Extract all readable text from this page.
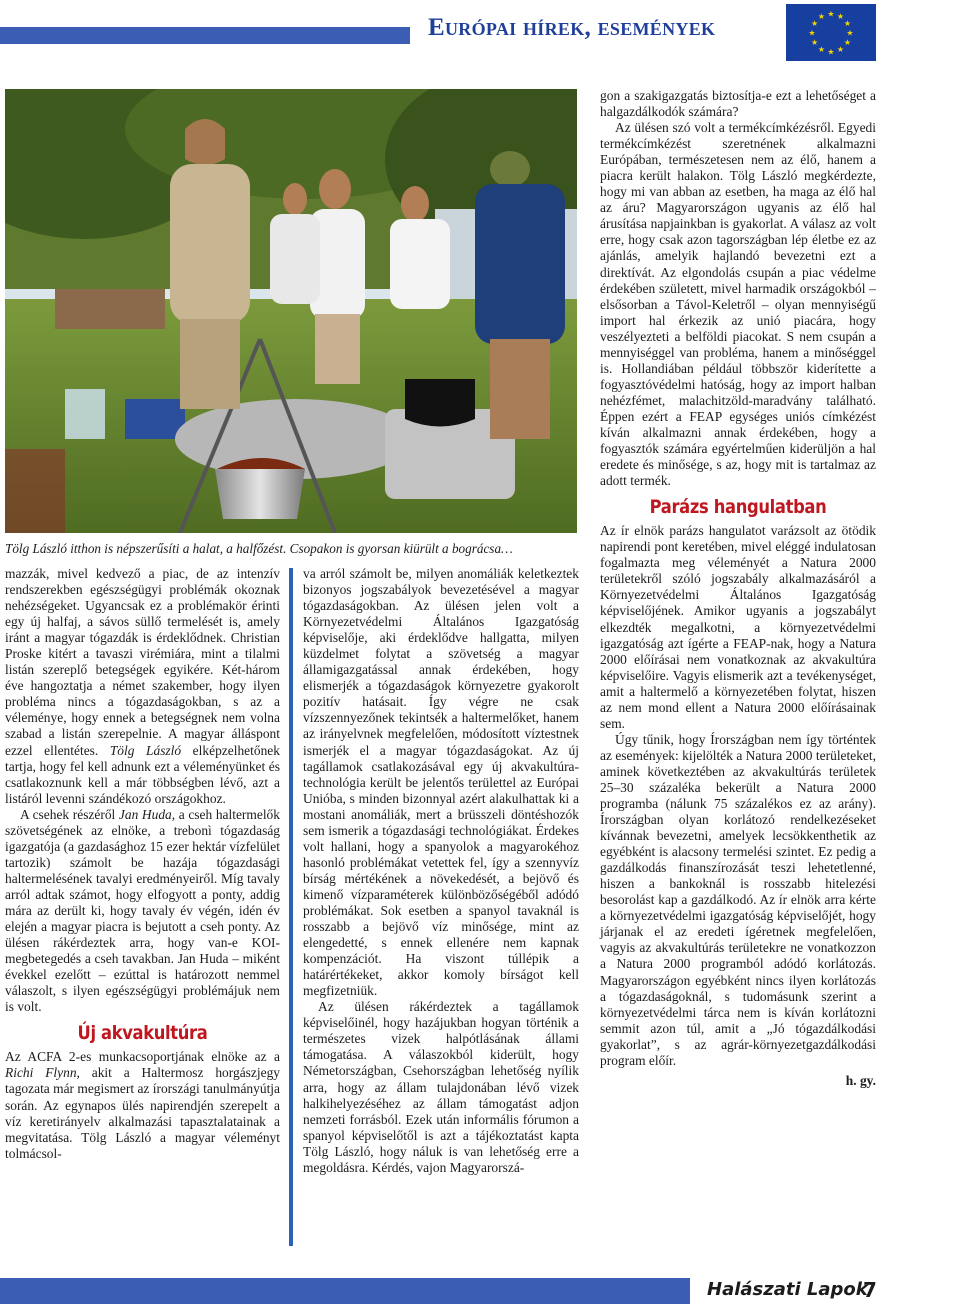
Európai hírek, események	★ ★
★
★
★
★
★
★
★
★
★
★
Tölg László itthon is népszerűsíti a halat, a halfőzést. Csopakon is gyorsan kiürült a bográcsa…

mazzák, mivel kedvező a piac, de az intenzív rendszerekben egészségügyi problémák okoznak nehézségeket. Ugyancsak ez a problémakör érinti egy új halfaj, a sávos süllő termelését is, amely iránt a magyar tógazdák is érdeklődnek. Christian Proske kitért a tavaszi virémiára, mint a tilalmi listán szereplő betegségek egyikére. Két-három éve hangoztatja a német szakember, hogy ilyen probléma nincs a tógazdaságokban, s az a véleménye, hogy ennek a betegségnek nem volna szabad a listán szerepelnie. A magyar álláspont ezzel ellentétes. Tölg László elképzelhetőnek tartja, hogy fel kell adnunk ezt a véleményünket és csatlakoznunk kell a már többségben lévő, azt a listáról levenni szándékozó országokhoz.

A csehek részéről Jan Huda, a cseh haltermelők szövetségének az elnöke, a trebonì tógazdaság igazgatója (a gazdasághoz 15 ezer hektár vízfelület tartozik) számolt be hazája tógazdasági haltermelésének tavalyi eredményeiről. Míg tavaly arról adtak számot, hogy elfogyott a ponty, addig mára az derült ki, hogy tavaly év végén, idén év elején a magyar piacra is bejutott a cseh ponty. Az ülésen rákérdeztek arra, hogy van-e KOI-megbetegedés a cseh tavakban. Jan Huda – miként évekkel ezelőtt – ezúttal is határozott nemmel válaszolt, s ilyen egészségügyi problémájuk nem is volt.

Új akvakultúra

Az ACFA 2-es munkacsoportjának elnöke az a Richi Flynn, akit a Haltermosz horgászjegy tagozata már megismert az írországi tanulmányútja során. Az egynapos ülés napirendjén szerepelt a víz keretirányelv alkalmazási tapasztalatainak a megvitatása. Tölg László a magyar véleményt tolmácsol-

va arról számolt be, milyen anomáliák keletkeztek bizonyos jogszabályok bevezetésével a magyar tógazdaságokban. Az ülésen jelen volt a Környezetvédelmi Általános Igazgatóság képviselője, aki érdeklődve hallgatta, milyen küzdelmet folytat a szövetség a magyar államigazgatással annak érdekében, hogy elismerjék a tógazdaságok környezetre gyakorolt pozitív hatásait. Így végre ne csak vízszennyezőnek tekintsék a haltermelőket, hanem az irányelvnek megfelelően, módosított víztestnek ismerjék el a magyar tógazdaságokat. Az új tagállamok csatlakozásával egy új akvakultúra-technológia került be jelentős területtel az Európai Unióba, s minden bizonnyal azért alakulhattak ki a mostani anomáliák, mert a brüsszeli döntéshozók sem ismerik a tógazdasági technológiákat. Érdekes volt hallani, hogy a spanyolok a magyarokéhoz hasonló problémákat vetettek fel, így a szennyvíz bírság mértékének a növekedését, a bejövő és kimenő vízparaméterek különbözőségéből adódó problémákat. Sok esetben a spanyol tavaknál is rosszabb a bejövő víz minősége, mint az elengedetté, s ennek ellenére nem kapnak kompenzációt. Ha viszont túllépik a határértékeket, akkor komoly bírságot kell megfizetniük.

Az ülésen rákérdeztek a tagállamok képviselőinél, hogy hazájukban hogyan történik a természetes vizek halpótlásának állami támogatása. A válaszokból kiderült, hogy Németországban, Csehországban lehetőség nyílik arra, hogy az állam tulajdonában lévő vizek halkihelyezéséhez az állam támogatást adjon nemzeti forrásból. Ezek után informális fórumon a spanyol képviselőtől is azt a tájékoztatást kapta Tölg László, hogy náluk is van lehetőség erre a megoldásra. Kérdés, vajon Magyarorszá-

gon a szakigazgatás biztosítja-e ezt a lehetőséget a halgazdálkodók számára?

Az ülésen szó volt a termékcímkézésről. Egyedi termékcímkézést szeretnének alkalmazni Európában, természetesen nem az élő, hanem a piacra került halakon. Tölg László megkérdezte, hogy mi van abban az esetben, ha maga az élő hal az áru? Magyarországon ugyanis az élő hal árusítása napjainkban is gyakorlat. A válasz az volt erre, hogy csak azon tagországban lép életbe ez az ajánlás, amelyik hajlandó bevezetni ezt a direktívát. Az elgondolás csupán a piac védelme érdekében született, mivel harmadik országokból – elsősorban a Távol-Keletről – olyan mennyiségű import hal érkezik az unió piacára, hogy veszélyezteti a belföldi piacokat. S nem csupán a mennyiséggel van probléma, hanem a minőséggel is. Hollandiában például többször kiderítette a fogyasztóvédelmi hatóság, hogy az import halban nehézfémet, malachitzöld-maradvány található. Éppen ezért a FEAP egységes uniós címkézést kíván alkalmazni annak érdekében, hogy a fogyasztók számára egyértelműen kiderüljön a hal eredete és minősége, s az, hogy mit is tartalmaz az adott termék.

Parázs hangulatban

Az ír elnök parázs hangulatot varázsolt az ötödik napirendi pont keretében, mivel eléggé indulatosan fogalmazta meg véleményét a Natura 2000 területekről szóló jogszabály alkalmazásáról a Környezetvédelmi Általános Igazgatóság képviselőjének. Amikor ugyanis a jogszabályt elkezdték megalkotni, a környezetvédelmi igazgatóság azt ígérte a FEAP-nak, hogy a Natura 2000 előírásai nem vonatkoznak az akvakultúra képviselőire. Vagyis elismerik azt a tevékenységet, amit a haltermelő a környezetében folytat, hiszen az nem mond ellent a Natura 2000 előírásainak sem.

Úgy tűnik, hogy Írországban nem így történtek az események: kijelölték a Natura 2000 területeket, aminek következtében az akvakultúrás területek 25–30 százaléka bekerült a Natura 2000 programba (nálunk 75 százalékos ez az arány). Írországban olyan korlátozó rendelkezéseket kívánnak bevezetni, amelyek lecsökkenthetik az egyébként is alacsony termelési szintet. Ez pedig a gazdálkodás finanszírozását teszi lehetetlenné, hiszen a bankoknál is rosszabb hitelezési besorolást kap a gazdálkodó. Az ír elnök arra kérte a környezetvédelmi igazgatóság képviselőjét, hogy járjanak el az eredeti ígéretnek megfelelően, vagyis az akvakultúrás területekre ne vonatkozzon a Natura 2000 programból adódó korlátozás. Magyarországon egyébként nincs ilyen korlátozás a tógazdaságoknál, s tudomásunk szerint a környezetvédelmi tárca nem is kíván korlátozni semmit azon túl, amit a „Jó tógazdálkodási gyakorlat”, s az agrár-környezetgazdálkodási program előír.

h. gy.
Halászati Lapok
7
